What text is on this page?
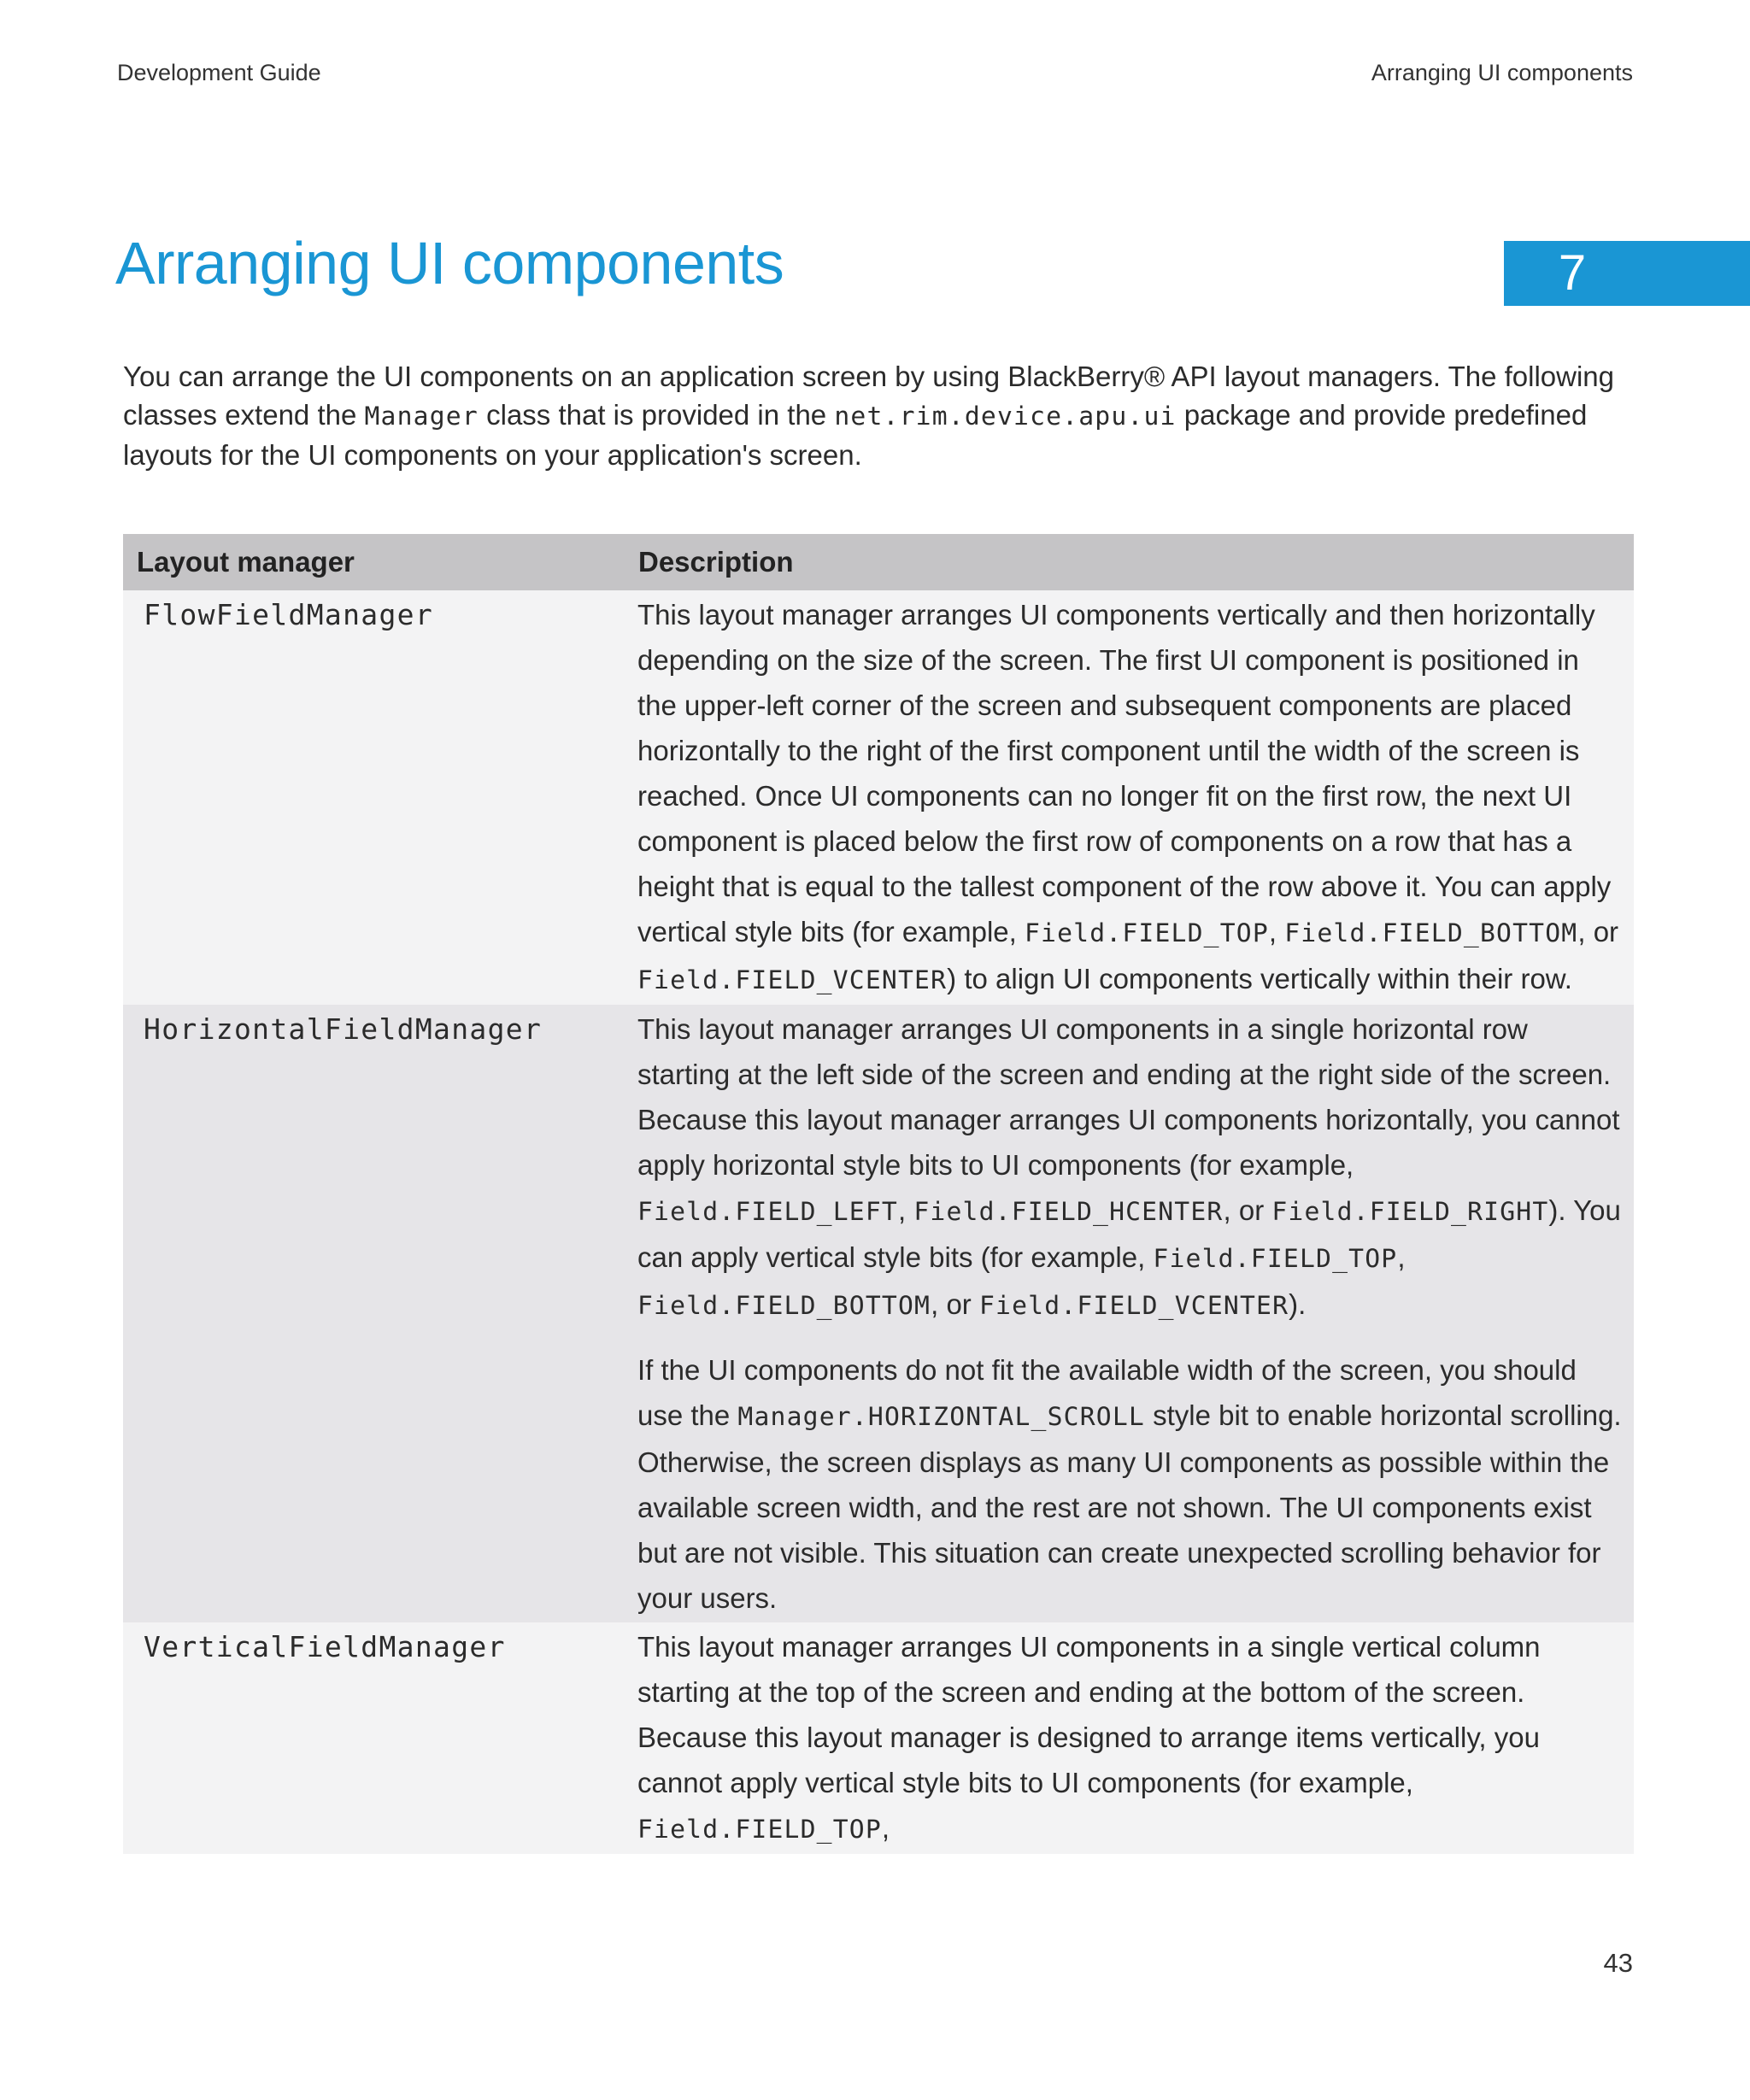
Development Guide	Arranging UI components
Arranging UI components	7

You can arrange the UI components on an application screen by using BlackBerry® API layout managers. The following classes extend the Manager class that is provided in the net.rim.device.apu.ui package and provide predefined layouts for the UI components on your application's screen.

Layout manager	Description
FlowFieldManager	This layout manager arranges UI components vertically and then horizontally depending on the size of the screen. The first UI component is positioned in the upper-left corner of the screen and subsequent components are placed horizontally to the right of the first component until the width of the screen is reached. Once UI components can no longer fit on the first row, the next UI component is placed below the first row of components on a row that has a height that is equal to the tallest component of the row above it. You can apply vertical style bits (for example, Field.FIELD_TOP, Field.FIELD_BOTTOM, or Field.FIELD_VCENTER) to align UI components vertically within their row.

HorizontalFieldManager	This layout manager arranges UI components in a single horizontal row starting at the left side of the screen and ending at the right side of the screen. Because this layout manager arranges UI components horizontally, you cannot apply horizontal style bits to UI components (for example, Field.FIELD_LEFT, Field.FIELD_HCENTER, or Field.FIELD_RIGHT). You can apply vertical style bits (for example, Field.FIELD_TOP, Field.FIELD_BOTTOM, or Field.FIELD_VCENTER).

If the UI components do not fit the available width of the screen, you should use the Manager.HORIZONTAL_SCROLL style bit to enable horizontal scrolling. Otherwise, the screen displays as many UI components as possible within the available screen width, and the rest are not shown. The UI components exist but are not visible. This situation can create unexpected scrolling behavior for your users.

VerticalFieldManager	This layout manager arranges UI components in a single vertical column starting at the top of the screen and ending at the bottom of the screen. Because this layout manager is designed to arrange items vertically, you cannot apply vertical style bits to UI components (for example, Field.FIELD_TOP,

43
